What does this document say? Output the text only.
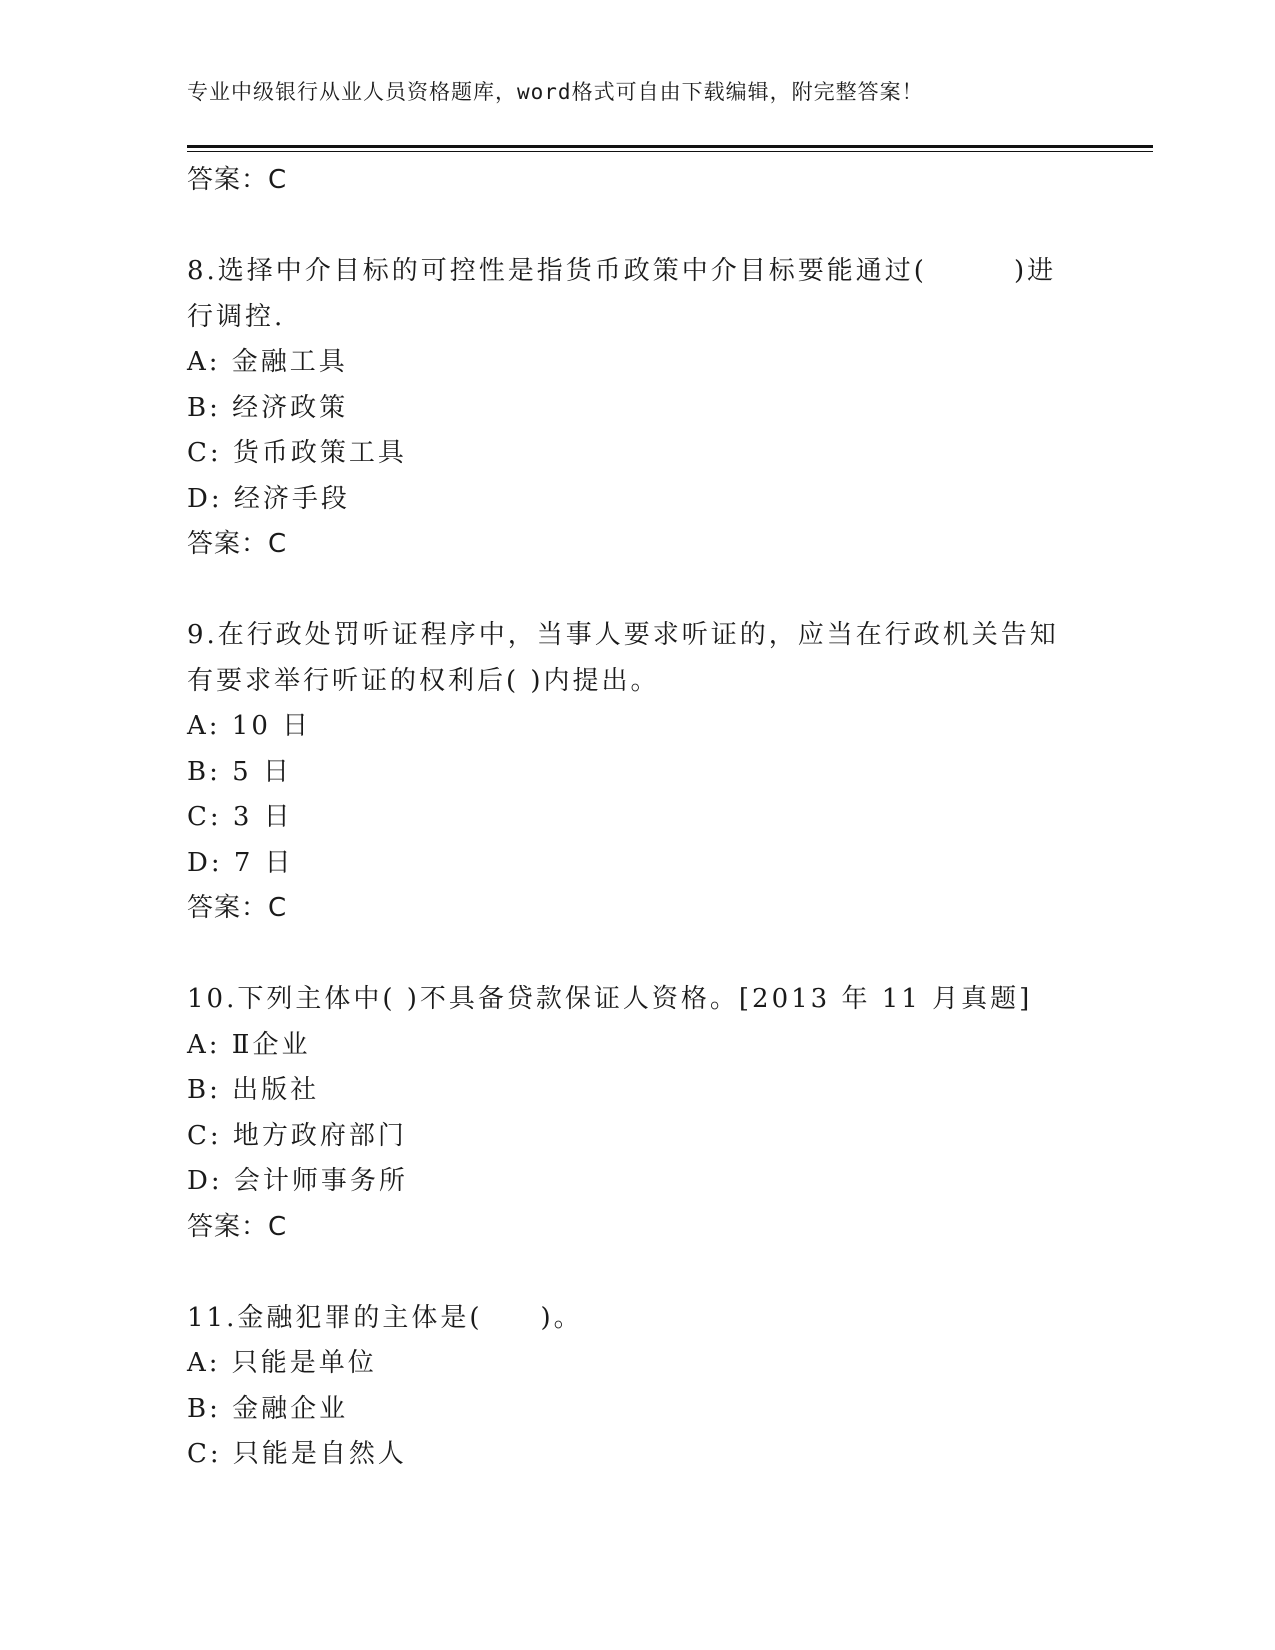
专业中级银行从业人员资格题库，word格式可自由下载编辑，附完整答案！
答案：C
8.选择中介目标的可控性是指货币政策中介目标要能通过(　　　)进
行调控.
A: 金融工具
B: 经济政策
C: 货币政策工具
D: 经济手段
答案：C
9.在行政处罚听证程序中，当事人要求听证的，应当在行政机关告知
有要求举行听证的权利后( )内提出。
A: 10 日
B: 5 日
C: 3 日
D: 7 日
答案：C
10.下列主体中( )不具备贷款保证人资格。[2013 年 11 月真题]
A: Ⅱ企业
B: 出版社
C: 地方政府部门
D: 会计师事务所
答案：C
11.金融犯罪的主体是(　　)。
A: 只能是单位
B: 金融企业
C: 只能是自然人
